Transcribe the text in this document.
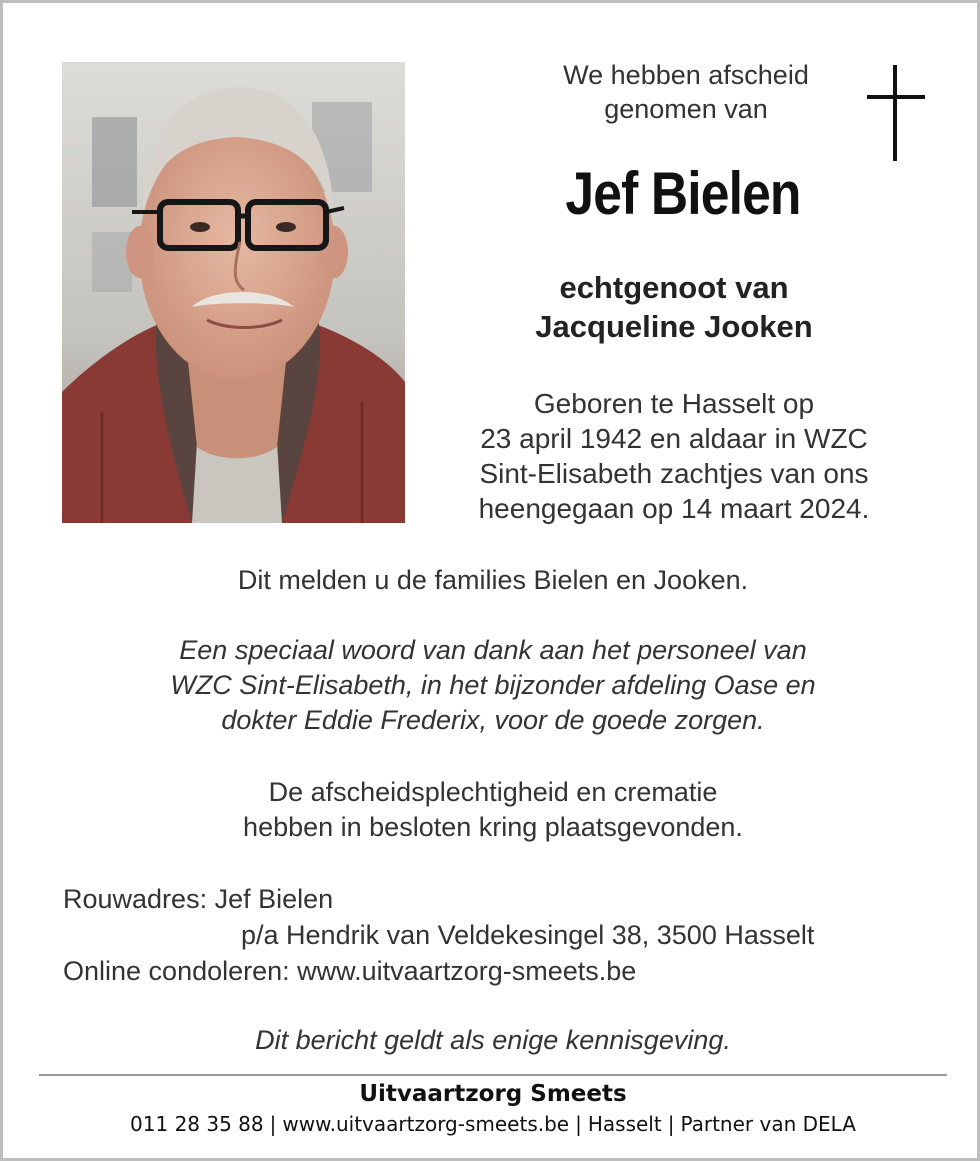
We hebben afscheid
genomen van
Jef Bielen
echtgenoot van
Jacqueline Jooken
Geboren te Hasselt op
23 april 1942 en aldaar in WZC
Sint-Elisabeth zachtjes van ons
heengegaan op 14 maart 2024.
Dit melden u de families Bielen en Jooken.
Een speciaal woord van dank aan het personeel van
WZC Sint-Elisabeth, in het bijzonder afdeling Oase en
dokter Eddie Frederix, voor de goede zorgen.
De afscheidsplechtigheid en crematie
hebben in besloten kring plaatsgevonden.
Rouwadres: Jef Bielen
p/a Hendrik van Veldekesingel 38, 3500 Hasselt
Online condoleren: www.uitvaartzorg-smeets.be
Dit bericht geldt als enige kennisgeving.
Uitvaartzorg Smeets
011 28 35 88 | www.uitvaartzorg-smeets.be | Hasselt | Partner van DELA
